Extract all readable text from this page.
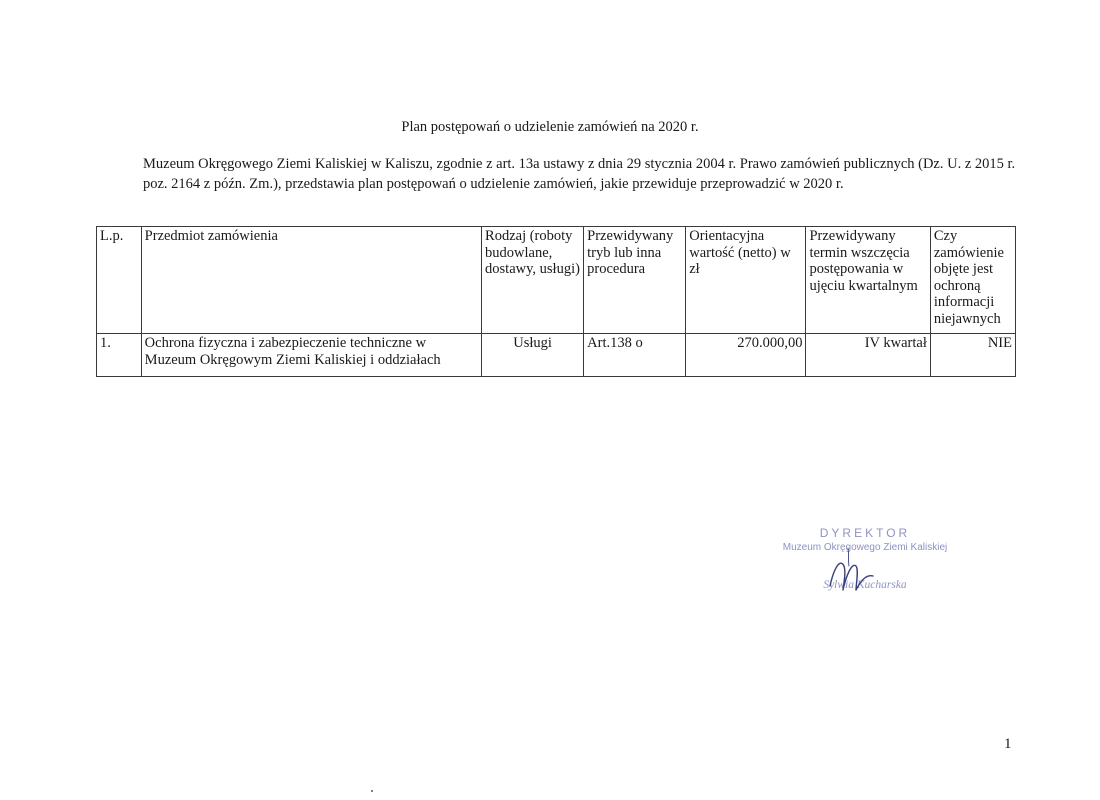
Plan postępowań o udzielenie zamówień na 2020 r.
Muzeum Okręgowego Ziemi Kaliskiej w Kaliszu, zgodnie z art. 13a ustawy z dnia 29 stycznia 2004 r. Prawo zamówień publicznych (Dz. U. z 2015 r. poz. 2164 z późn. Zm.), przedstawia plan postępowań o udzielenie zamówień, jakie przewiduje przeprowadzić w 2020 r.
L.p.	Przedmiot zamówienia	Rodzaj (roboty budowlane, dostawy, usługi)	Przewidywany tryb lub inna procedura	Orientacyjna wartość (netto) w zł	Przewidywany termin wszczęcia postępowania w ujęciu kwartalnym	Czy zamówienie objęte jest ochroną informacji niejawnych
1.	Ochrona fizyczna i zabezpieczenie techniczne w Muzeum Okręgowym Ziemi Kaliskiej i oddziałach	Usługi	Art.138 o	270.000,00	IV kwartał	NIE
DYREKTOR
Muzeum Okręgowego Ziemi Kaliskiej
Sylwia Kucharska
1
